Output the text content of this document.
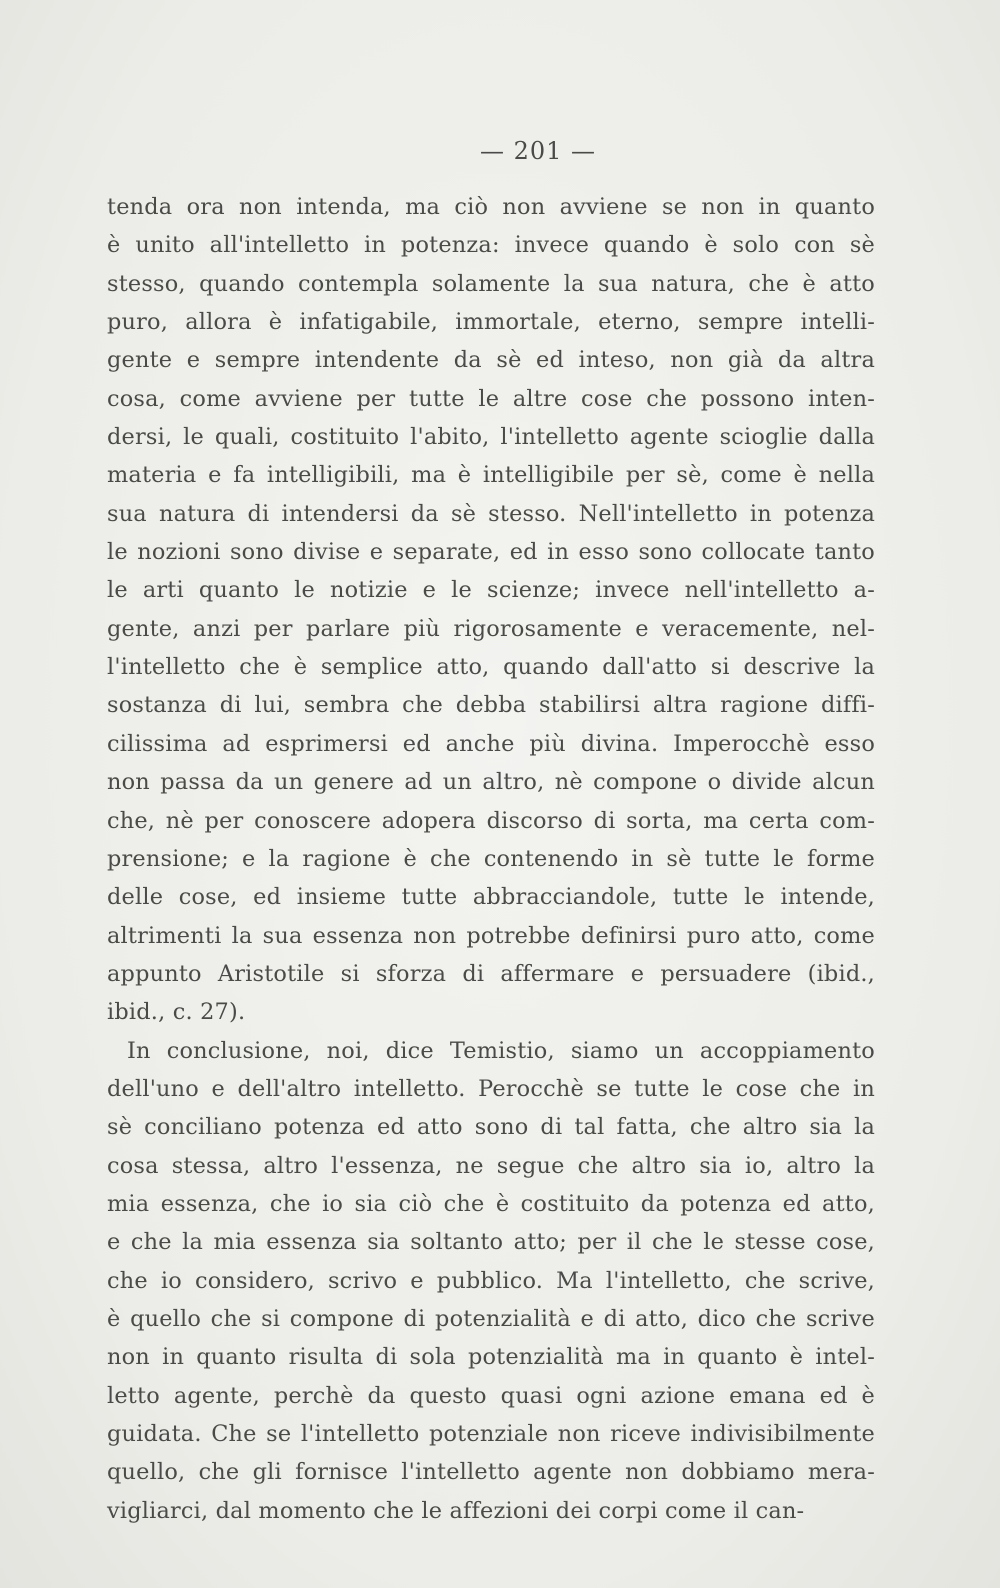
— 201 —
tenda ora non intenda, ma ciò non avviene se non in quanto
è unito all'intelletto in potenza: invece quando è solo con sè
stesso, quando contempla solamente la sua natura, che è atto
puro, allora è infatigabile, immortale, eterno, sempre intelli-
gente e sempre intendente da sè ed inteso, non già da altra
cosa, come avviene per tutte le altre cose che possono inten-
dersi, le quali, costituito l'abito, l'intelletto agente scioglie dalla
materia e fa intelligibili, ma è intelligibile per sè, come è nella
sua natura di intendersi da sè stesso. Nell'intelletto in potenza
le nozioni sono divise e separate, ed in esso sono collocate tanto
le arti quanto le notizie e le scienze; invece nell'intelletto a-
gente, anzi per parlare più rigorosamente e veracemente, nel-
l'intelletto che è semplice atto, quando dall'atto si descrive la
sostanza di lui, sembra che debba stabilirsi altra ragione diffi-
cilissima ad esprimersi ed anche più divina. Imperocchè esso
non passa da un genere ad un altro, nè compone o divide alcun
che, nè per conoscere adopera discorso di sorta, ma certa com-
prensione; e la ragione è che contenendo in sè tutte le forme
delle cose, ed insieme tutte abbracciandole, tutte le intende,
altrimenti la sua essenza non potrebbe definirsi puro atto, come
appunto Aristotile si sforza di affermare e persuadere (ibid.,
ibid., c. 27).
In conclusione, noi, dice Temistio, siamo un accoppiamento
dell'uno e dell'altro intelletto. Perocchè se tutte le cose che in
sè conciliano potenza ed atto sono di tal fatta, che altro sia la
cosa stessa, altro l'essenza, ne segue che altro sia io, altro la
mia essenza, che io sia ciò che è costituito da potenza ed atto,
e che la mia essenza sia soltanto atto; per il che le stesse cose,
che io considero, scrivo e pubblico. Ma l'intelletto, che scrive,
è quello che si compone di potenzialità e di atto, dico che scrive
non in quanto risulta di sola potenzialità ma in quanto è intel-
letto agente, perchè da questo quasi ogni azione emana ed è
guidata. Che se l'intelletto potenziale non riceve indivisibilmente
quello, che gli fornisce l'intelletto agente non dobbiamo mera-
vigliarci, dal momento che le affezioni dei corpi come il can-
